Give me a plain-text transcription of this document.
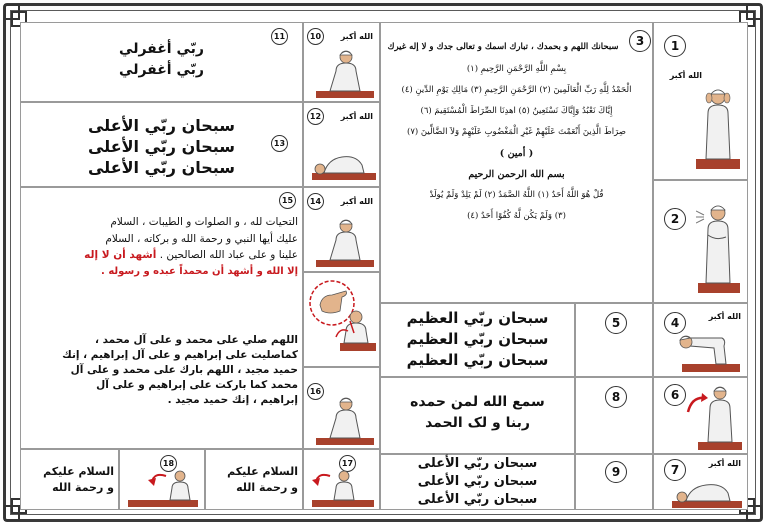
1
الله أكبر
2
3
سبحانك اللهم و بحمدك ، تبارك اسمك و تعالى جدك و لا إله غيرك
بِسْمِ اللَّهِ الرَّحْمَنِ الرَّحِيمِ (١)
الْحَمْدُ لِلَّهِ رَبِّ الْعَالَمِينَ (٢) الرَّحْمَنِ الرَّحِيمِ (٣) مَالِكِ يَوْمِ الدِّينِ (٤)
إِيَّاكَ نَعْبُدُ وَإِيَّاكَ نَسْتَعِينُ (٥) اهدِنَا الصِّرَاطَ الْمُسْتَقِيمَ (٦)
صِرَاطَ الَّذِينَ أَنْعَمْتَ عَلَيْهِمْ غَيْرِ الْمَغْضُوبِ عَلَيْهِمْ وَلاَ الضَّالِّينَ (٧)
( أمين )
بسم الله الرحمن الرحيم
قُلْ هُوَ اللَّهُ أَحَدٌ (١) اللَّهُ الصَّمَدُ (٢) لَمْ يَلِدْ وَلَمْ يُولَدْ
(٣) وَلَمْ يَكُن لَّهُ كُفُوًا أَحَدٌ (٤)
4	الله أكبر
5
سبحان ربّي العظيم
سبحان ربّي العظيم
سبحان ربّي العظيم
6
8
سمع الله لمن حمده
ربنا و لک الحمد
7	الله أكبر
9
سبحان ربّي الأعلى
سبحان ربّي الأعلى
سبحان ربّي الأعلى
10	الله أكبر
11
ربّي أغفرلي
ربّي أغفرلي
12	الله أكبر
13
سبحان ربّي الأعلى
سبحان ربّي الأعلى
سبحان ربّي الأعلى
14	الله أكبر
15
التحيات لله ، و الصلوات و الطيبات ، السلام
عليك أيها النبي و رحمة الله و بركاته ، السلام
علينا و على عباد الله الصالحين . أشهد أن لا إله
إلا الله و أشهد أن محمداً عبده و رسوله .
اللهم صلي على محمد و على آل محمد ،
كماصليت على إبراهيم و على آل إبراهيم ، إنك
حميد مجيد ، اللهم بارك على محمد و على آل
محمد كما باركت على إبراهيم و على آل
إبراهيم ، إنك حميد مجيد .
16
17
السلام عليكم
و رحمة الله
18
السلام عليكم
و رحمة الله
